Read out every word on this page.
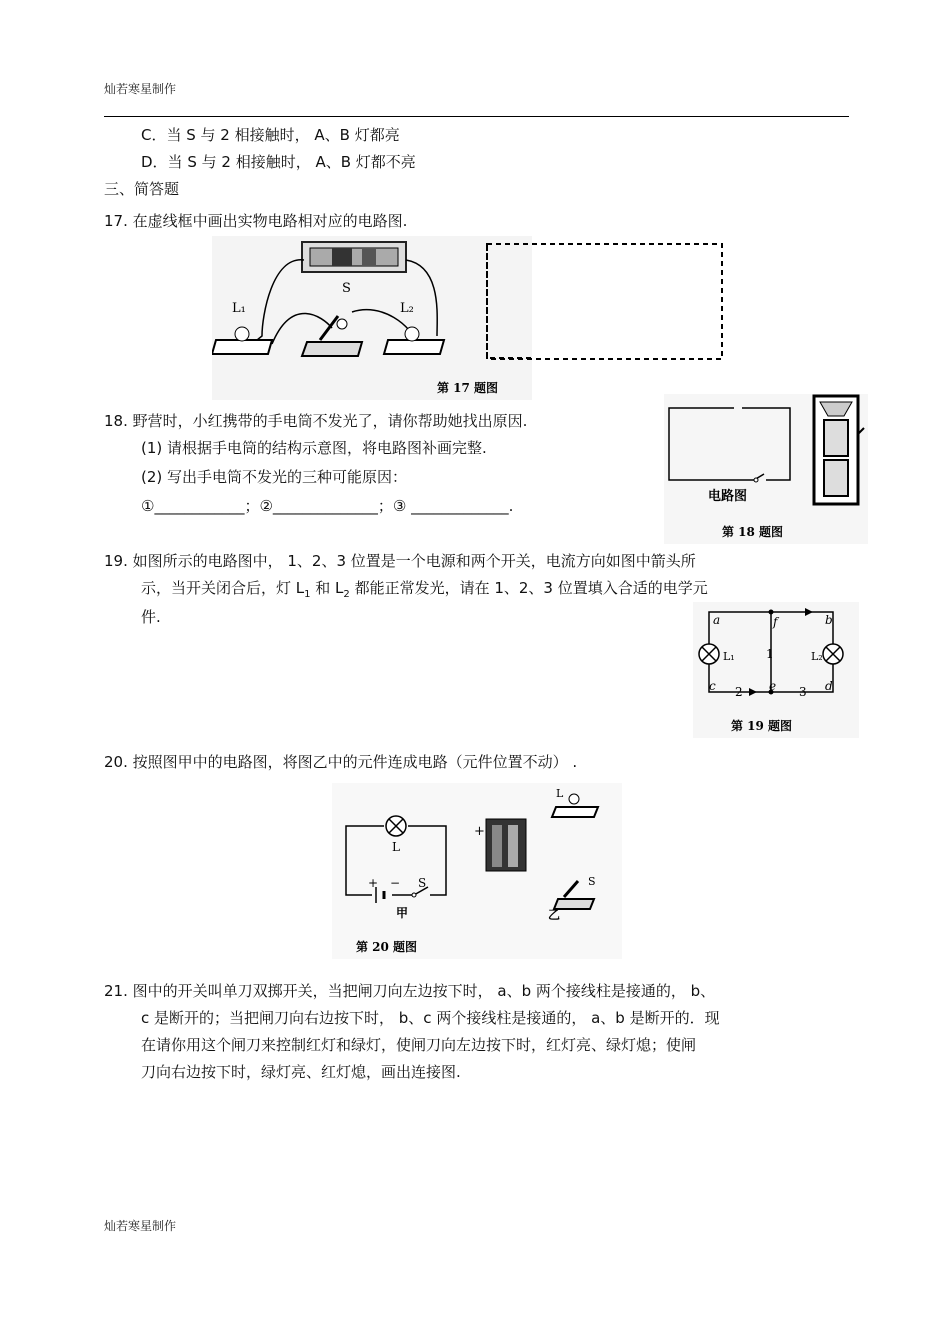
灿若寒星制作
C．当 S 与 2 相接触时， A、B 灯都亮
D．当 S 与 2 相接触时， A、B 灯都不亮
三、简答题
17. 在虚线框中画出实物电路相对应的电路图.
L₁
S
L₂
第 17 题图
18. 野营时，小红携带的手电筒不发光了，请你帮助她找出原因.
(1) 请根据手电筒的结构示意图，将电路图补画完整.
(2) 写出手电筒不发光的三种可能原因：
①____________；②______________；③ _____________.
电路图
第 18 题图
19. 如图所示的电路图中， 1、2、3 位置是一个电源和两个开关，电流方向如图中箭头所
示，当开关闭合后，灯 $L_1$ 和 $L_2$ 都能正常发光，请在 1、2、3 位置填入合适的电学元
件.	a	b
c	d
e
f
1
2	3
L₁	L₂
第 19 题图
20. 按照图甲中的电路图，将图乙中的元件连成电路（元件位置不动） .
L
+ − S
甲
+
L
S
乙
第 20 题图
21. 图中的开关叫单刀双掷开关，当把闸刀向左边按下时， a、b 两个接线柱是接通的， b、
c 是断开的；当把闸刀向右边按下时， b、c 两个接线柱是接通的， a、b 是断开的．现
在请你用这个闸刀来控制红灯和绿灯，使闸刀向左边按下时，红灯亮、绿灯熄；使闸
刀向右边按下时，绿灯亮、红灯熄，画出连接图.
灿若寒星制作
